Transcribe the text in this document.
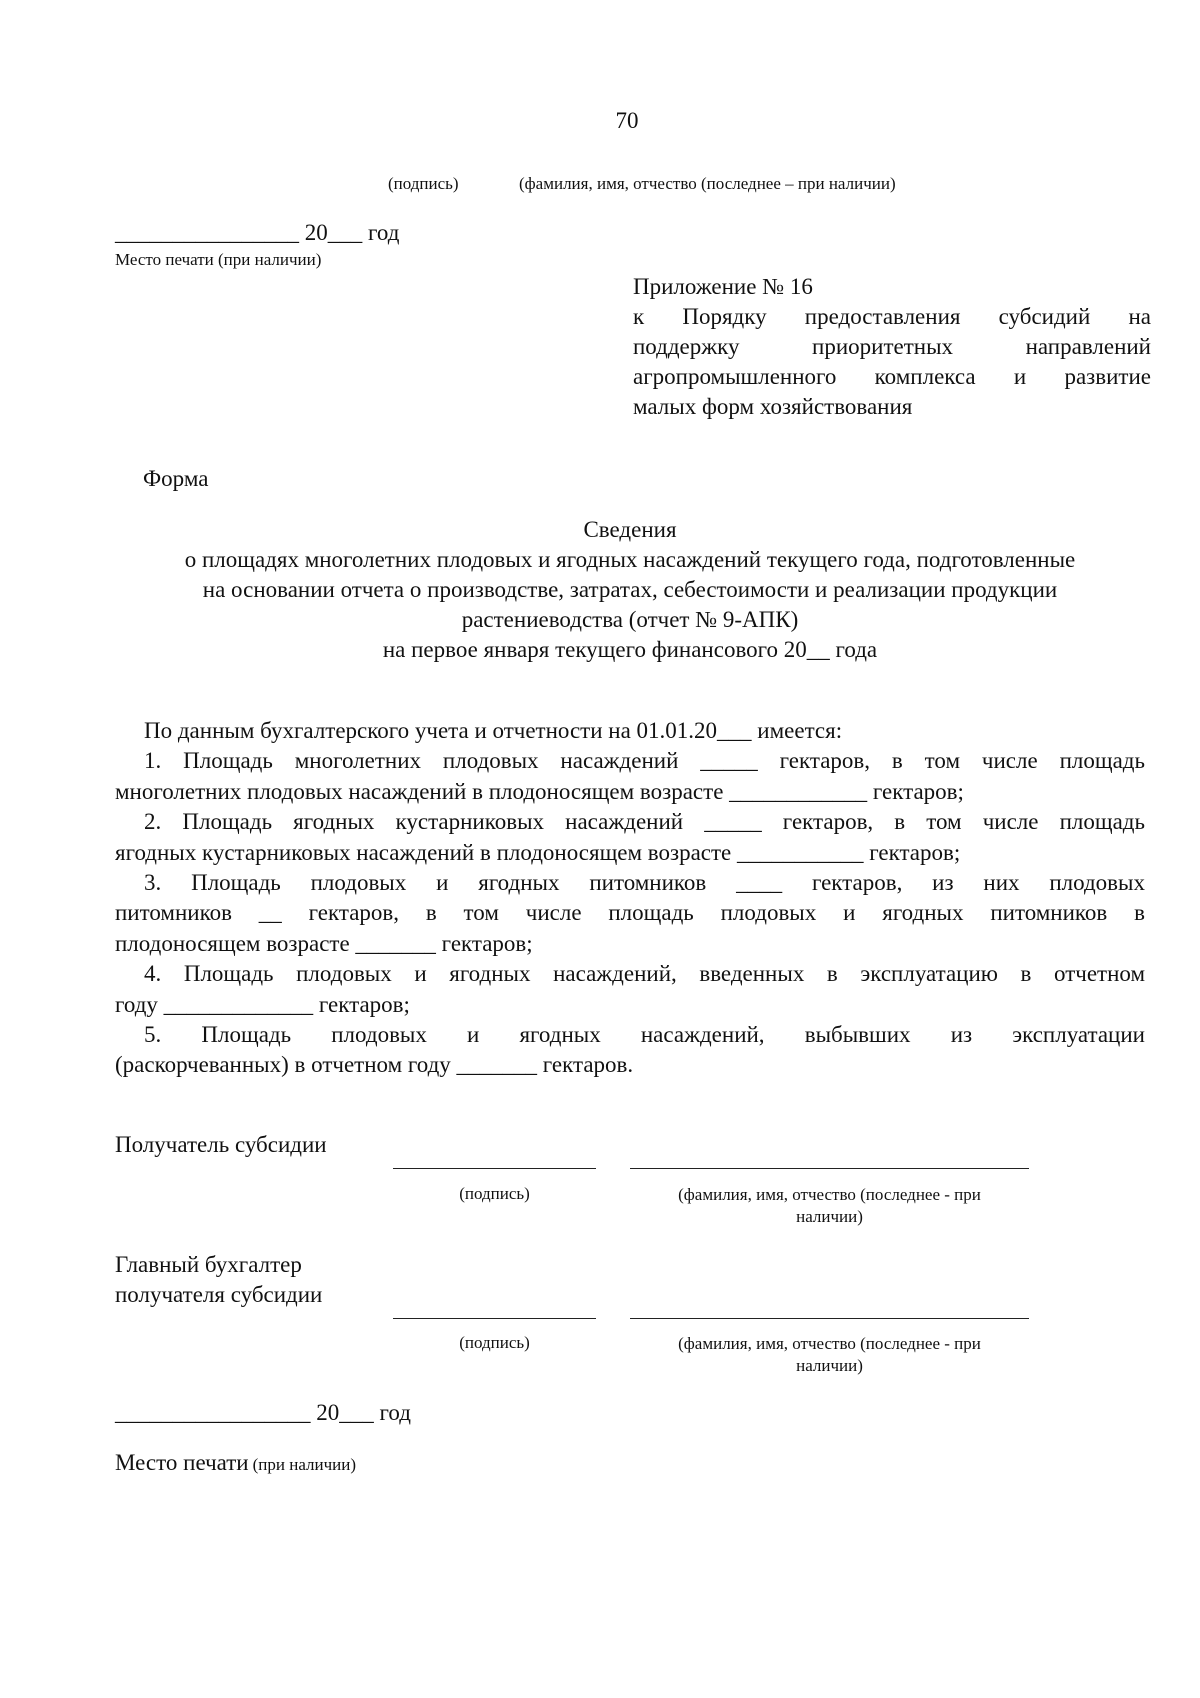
70
(подпись)	(фамилия, имя, отчество (последнее – при наличии)
________________ 20___ год
Место печати (при наличии)
Приложение № 16
к Порядку предоставления субсидий на
поддержку приоритетных направлений
агропромышленного комплекса и развитие
малых форм хозяйствования
Форма
Сведения
о площадях многолетних плодовых и ягодных насаждений текущего года, подготовленные
на основании отчета о производстве, затратах, себестоимости и реализации продукции
растениеводства (отчет № 9-АПК)
на первое января текущего финансового 20__ года
По данным бухгалтерского учета и отчетности на 01.01.20___ имеется:
1. Площадь многолетних плодовых насаждений _____ гектаров, в том числе площадь
многолетних плодовых насаждений в плодоносящем возрасте ____________ гектаров;
2. Площадь ягодных кустарниковых насаждений _____ гектаров, в том числе площадь
ягодных кустарниковых насаждений в плодоносящем возрасте ___________ гектаров;
3. Площадь плодовых и ягодных питомников ____ гектаров, из них плодовых
питомников __ гектаров, в том числе площадь плодовых и ягодных питомников в
плодоносящем возрасте _______ гектаров;
4. Площадь плодовых и ягодных насаждений, введенных в эксплуатацию в отчетном
году _____________ гектаров;
5. Площадь плодовых и ягодных насаждений, выбывших из эксплуатации
(раскорчеванных) в отчетном году _______ гектаров.
Получатель субсидии
(подпись)	(фамилия, имя, отчество (последнее - при
наличии)
Главный бухгалтер
получателя субсидии
(подпись)	(фамилия, имя, отчество (последнее - при
наличии)
_________________ 20___ год
Место печати (при наличии)
